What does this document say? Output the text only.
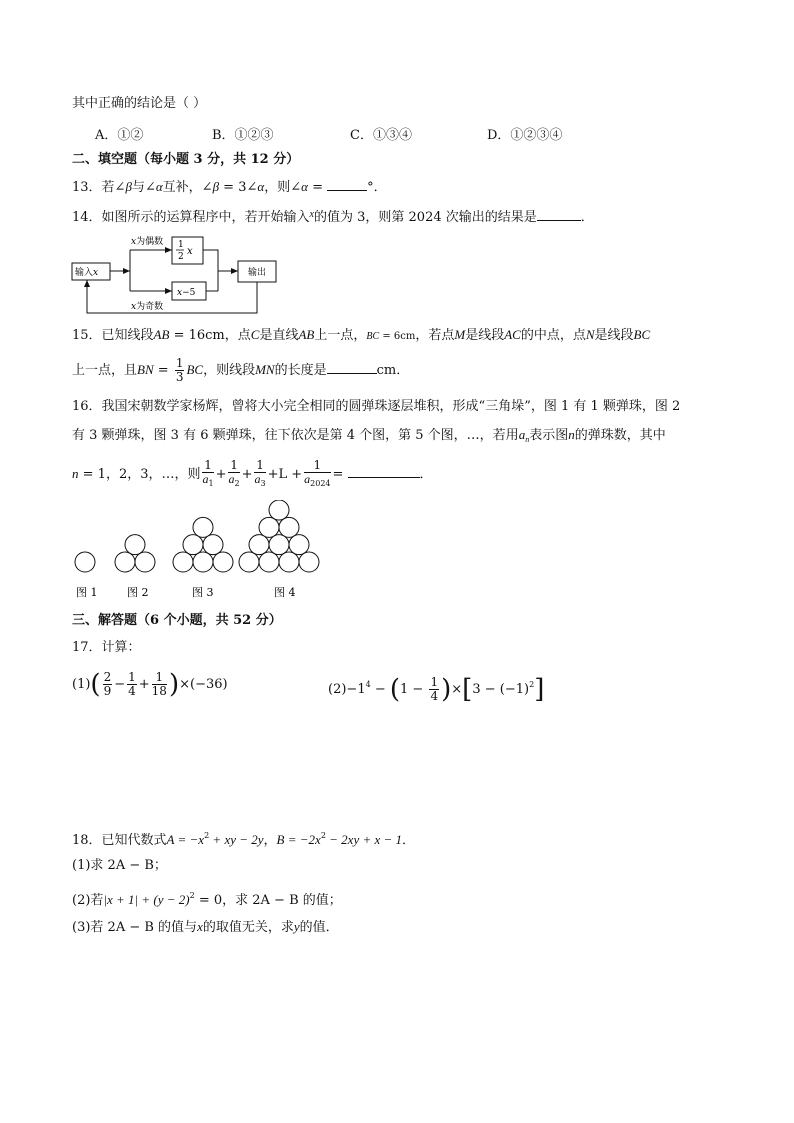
其中正确的结论是（ ）
A．①②	B．①②③	C．①③④	D．①②③④
二、填空题（每小题 3 分，共 12 分）
13．若∠β与∠α互补，∠β = 3∠α，则∠α =	°．
14．如图所示的运算程序中，若开始输入$^x$的值为 3，则第 2024 次输出的结果是	．
输入x
x为偶数
x为奇数
1
2 x
x−5
输出
15．已知线段AB = 16cm，点C是直线AB上一点，BC = 6cm，若点M是线段AC的中点，点N是线段BC
上一点，且BN = $\frac{1}{3}$ BC，则线段MN的长度是	cm．
16．我国宋朝数学家杨辉，曾将大小完全相同的圆弹珠逐层堆积，形成“三角垛”，图 1 有 1 颗弹珠，图 2
有 3 颗弹珠，图 3 有 6 颗弹珠，往下依次是第 4 个图，第 5 个图，…，若用$a_n$表示图n的弹珠数，其中
n = 1，2，3，…，则 $\frac{1}{a_1} + \frac{1}{a_2} + \frac{1}{a_3} +L + \frac{1}{a_{2024}}$ =	．
图 1	图 2	图 3	图 4
三、解答题（6 个小题，共 52 分）
17．计算：
$(1)( \frac{2}{9} - \frac{1}{4} + \frac{1}{18} )\times(-36)$	$(2)-1^4 - (1 - \frac{1}{4} )\times[3 - (-1)^2]$
18．已知代数式$A = -x^2$ + xy − 2y，$B = -2x^2 - 2xy + x - 1$．
(1)求 2A − B；
(2)若$|x + 1| + (y - 2)^2 = 0$，求 2A − B 的值；
(3)若 2A − B 的值与x的取值无关，求y的值．
